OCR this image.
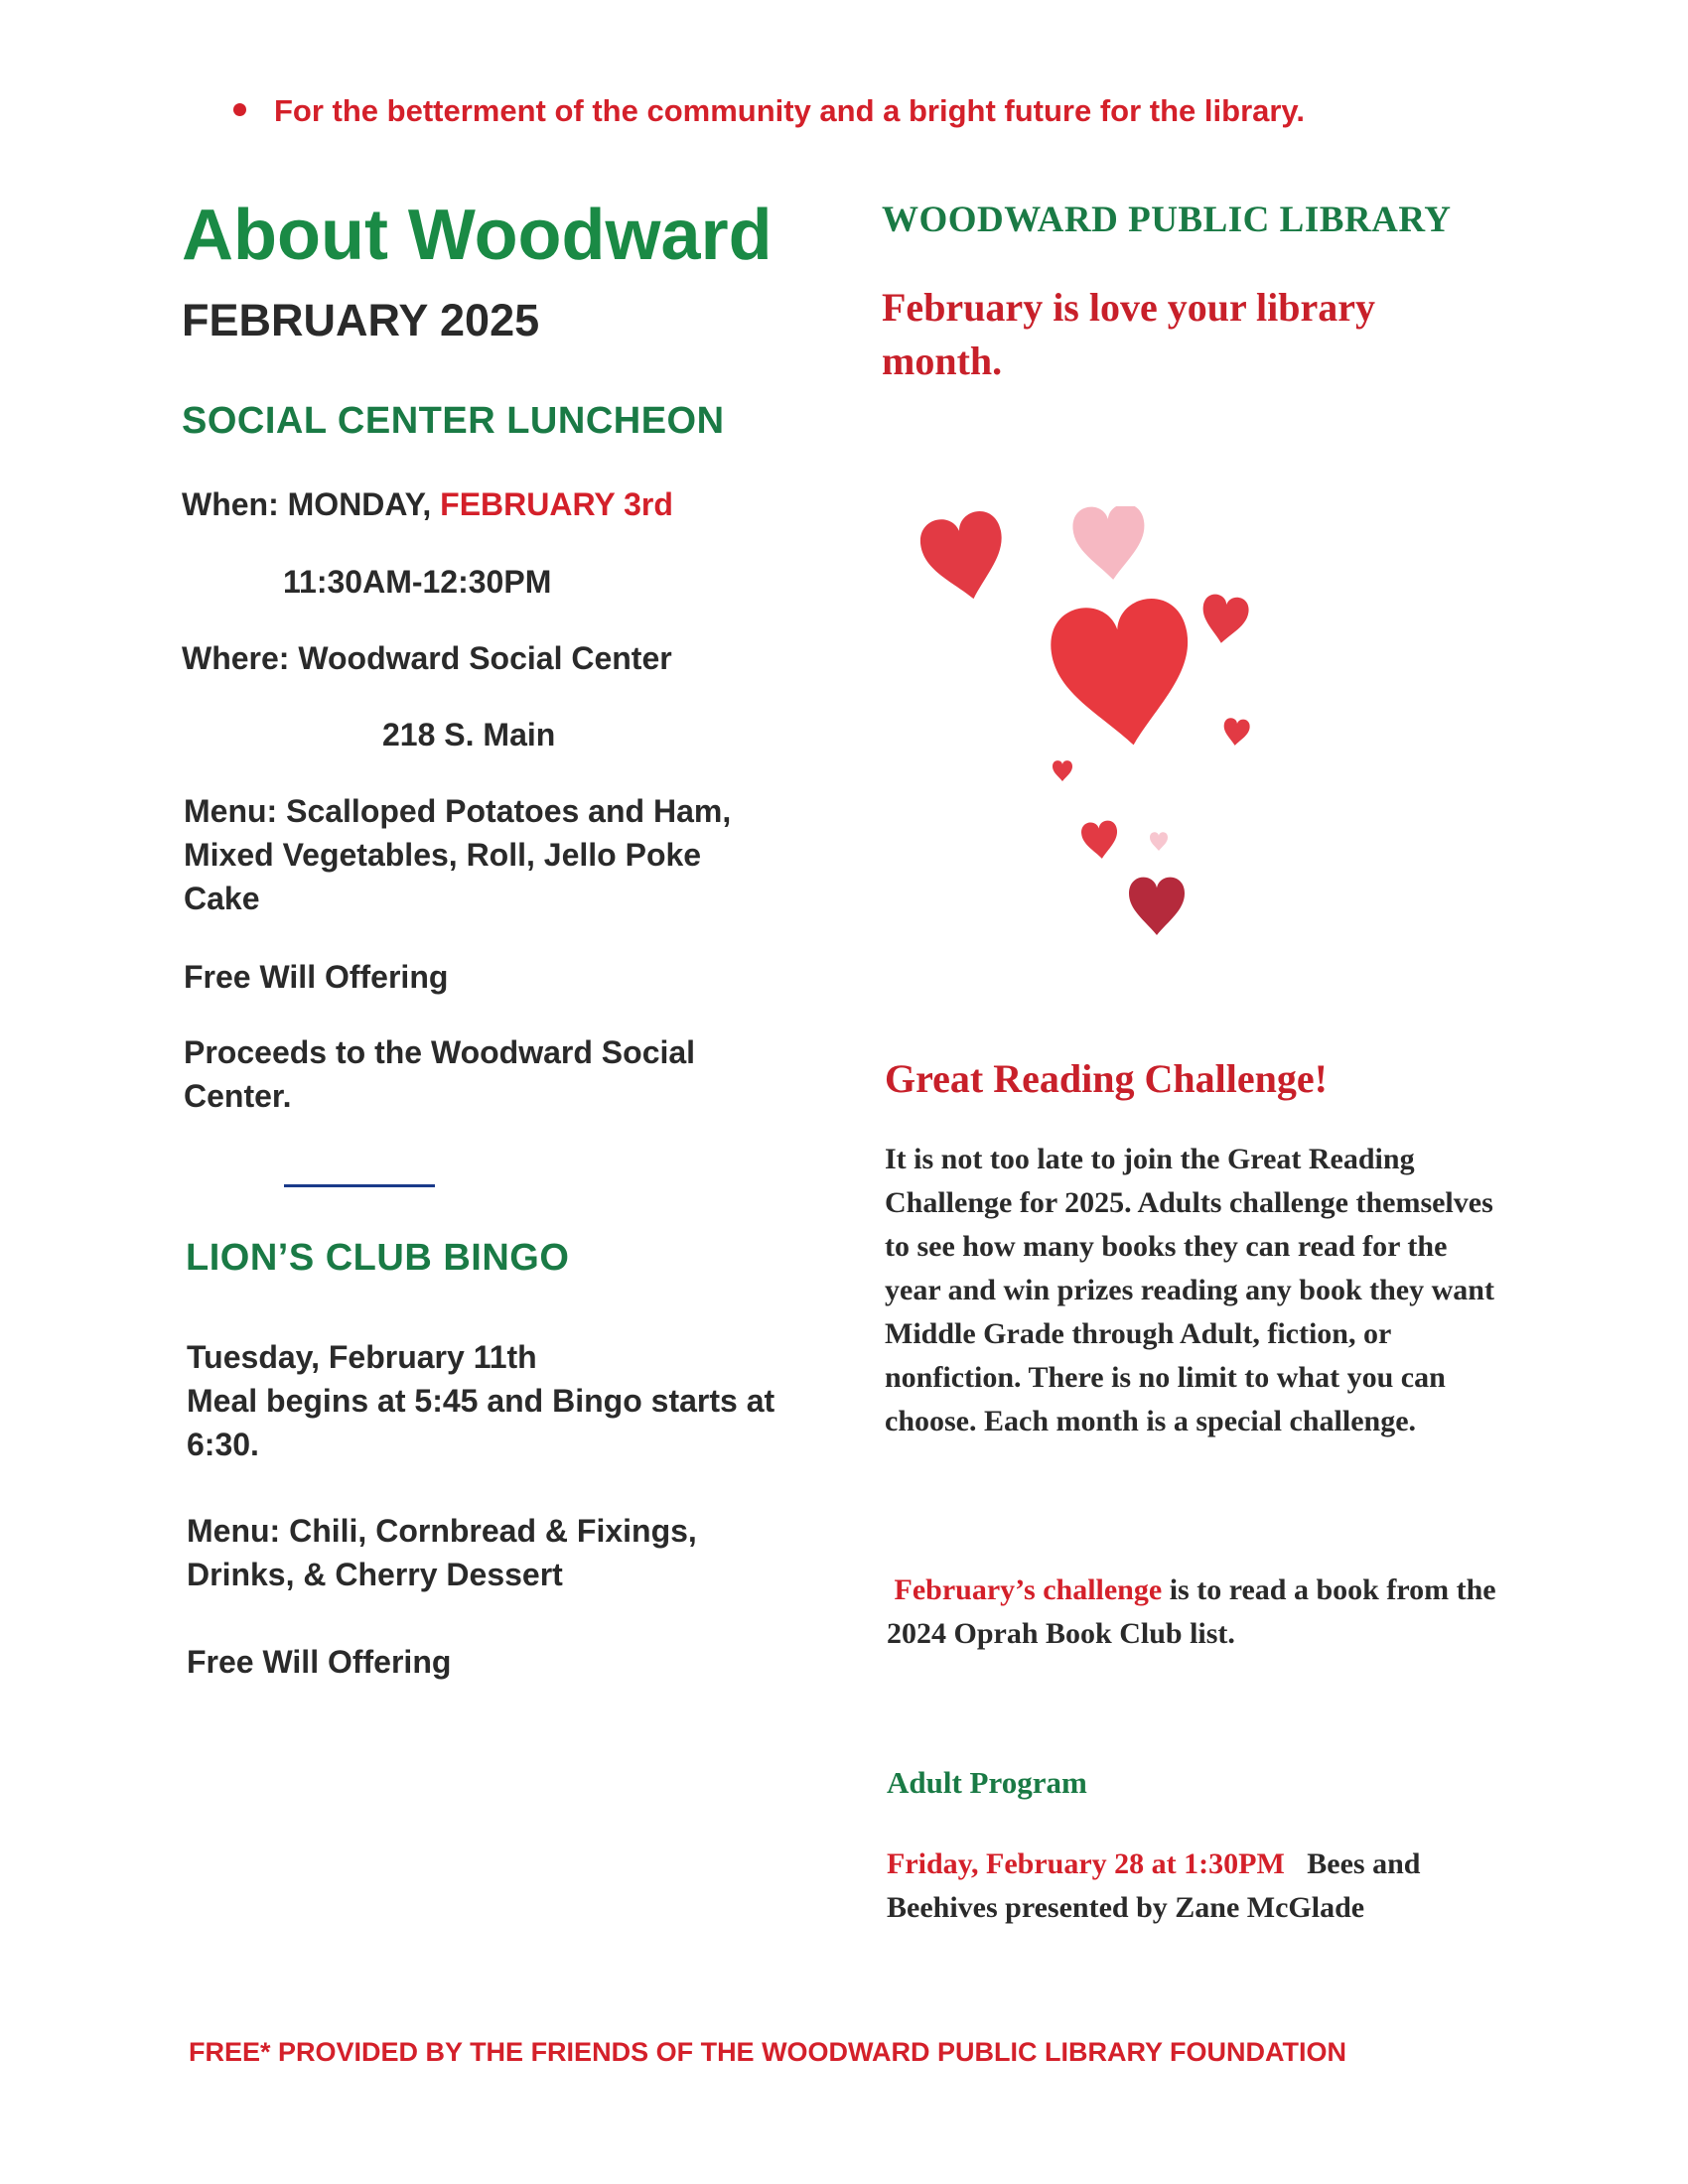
For the betterment of the community and a bright future for the library.
About Woodward
FEBRUARY 2025
SOCIAL CENTER LUNCHEON
When: MONDAY, FEBRUARY 3rd
11:30AM-12:30PM
Where: Woodward Social Center
218 S. Main
Menu: Scalloped Potatoes and Ham, Mixed Vegetables, Roll, Jello Poke Cake
Free Will Offering
Proceeds to the Woodward Social Center.
LION’S CLUB BINGO
Tuesday, February 11th
Meal begins at 5:45 and Bingo starts at 6:30.
Menu: Chili, Cornbread & Fixings, Drinks, & Cherry Dessert
Free Will Offering
WOODWARD PUBLIC LIBRARY
February is love your library month.
Great Reading Challenge!
It is not too late to join the Great Reading Challenge for 2025. Adults challenge themselves to see how many books they can read for the year and win prizes reading any book they want Middle Grade through Adult, fiction, or nonfiction. There is no limit to what you can choose. Each month is a special challenge.
February’s challenge is to read a book from the 2024 Oprah Book Club list.
Adult Program
Friday, February 28 at 1:30PM   Bees and Beehives presented by Zane McGlade
FREE* PROVIDED BY THE FRIENDS OF THE WOODWARD PUBLIC LIBRARY FOUNDATION
